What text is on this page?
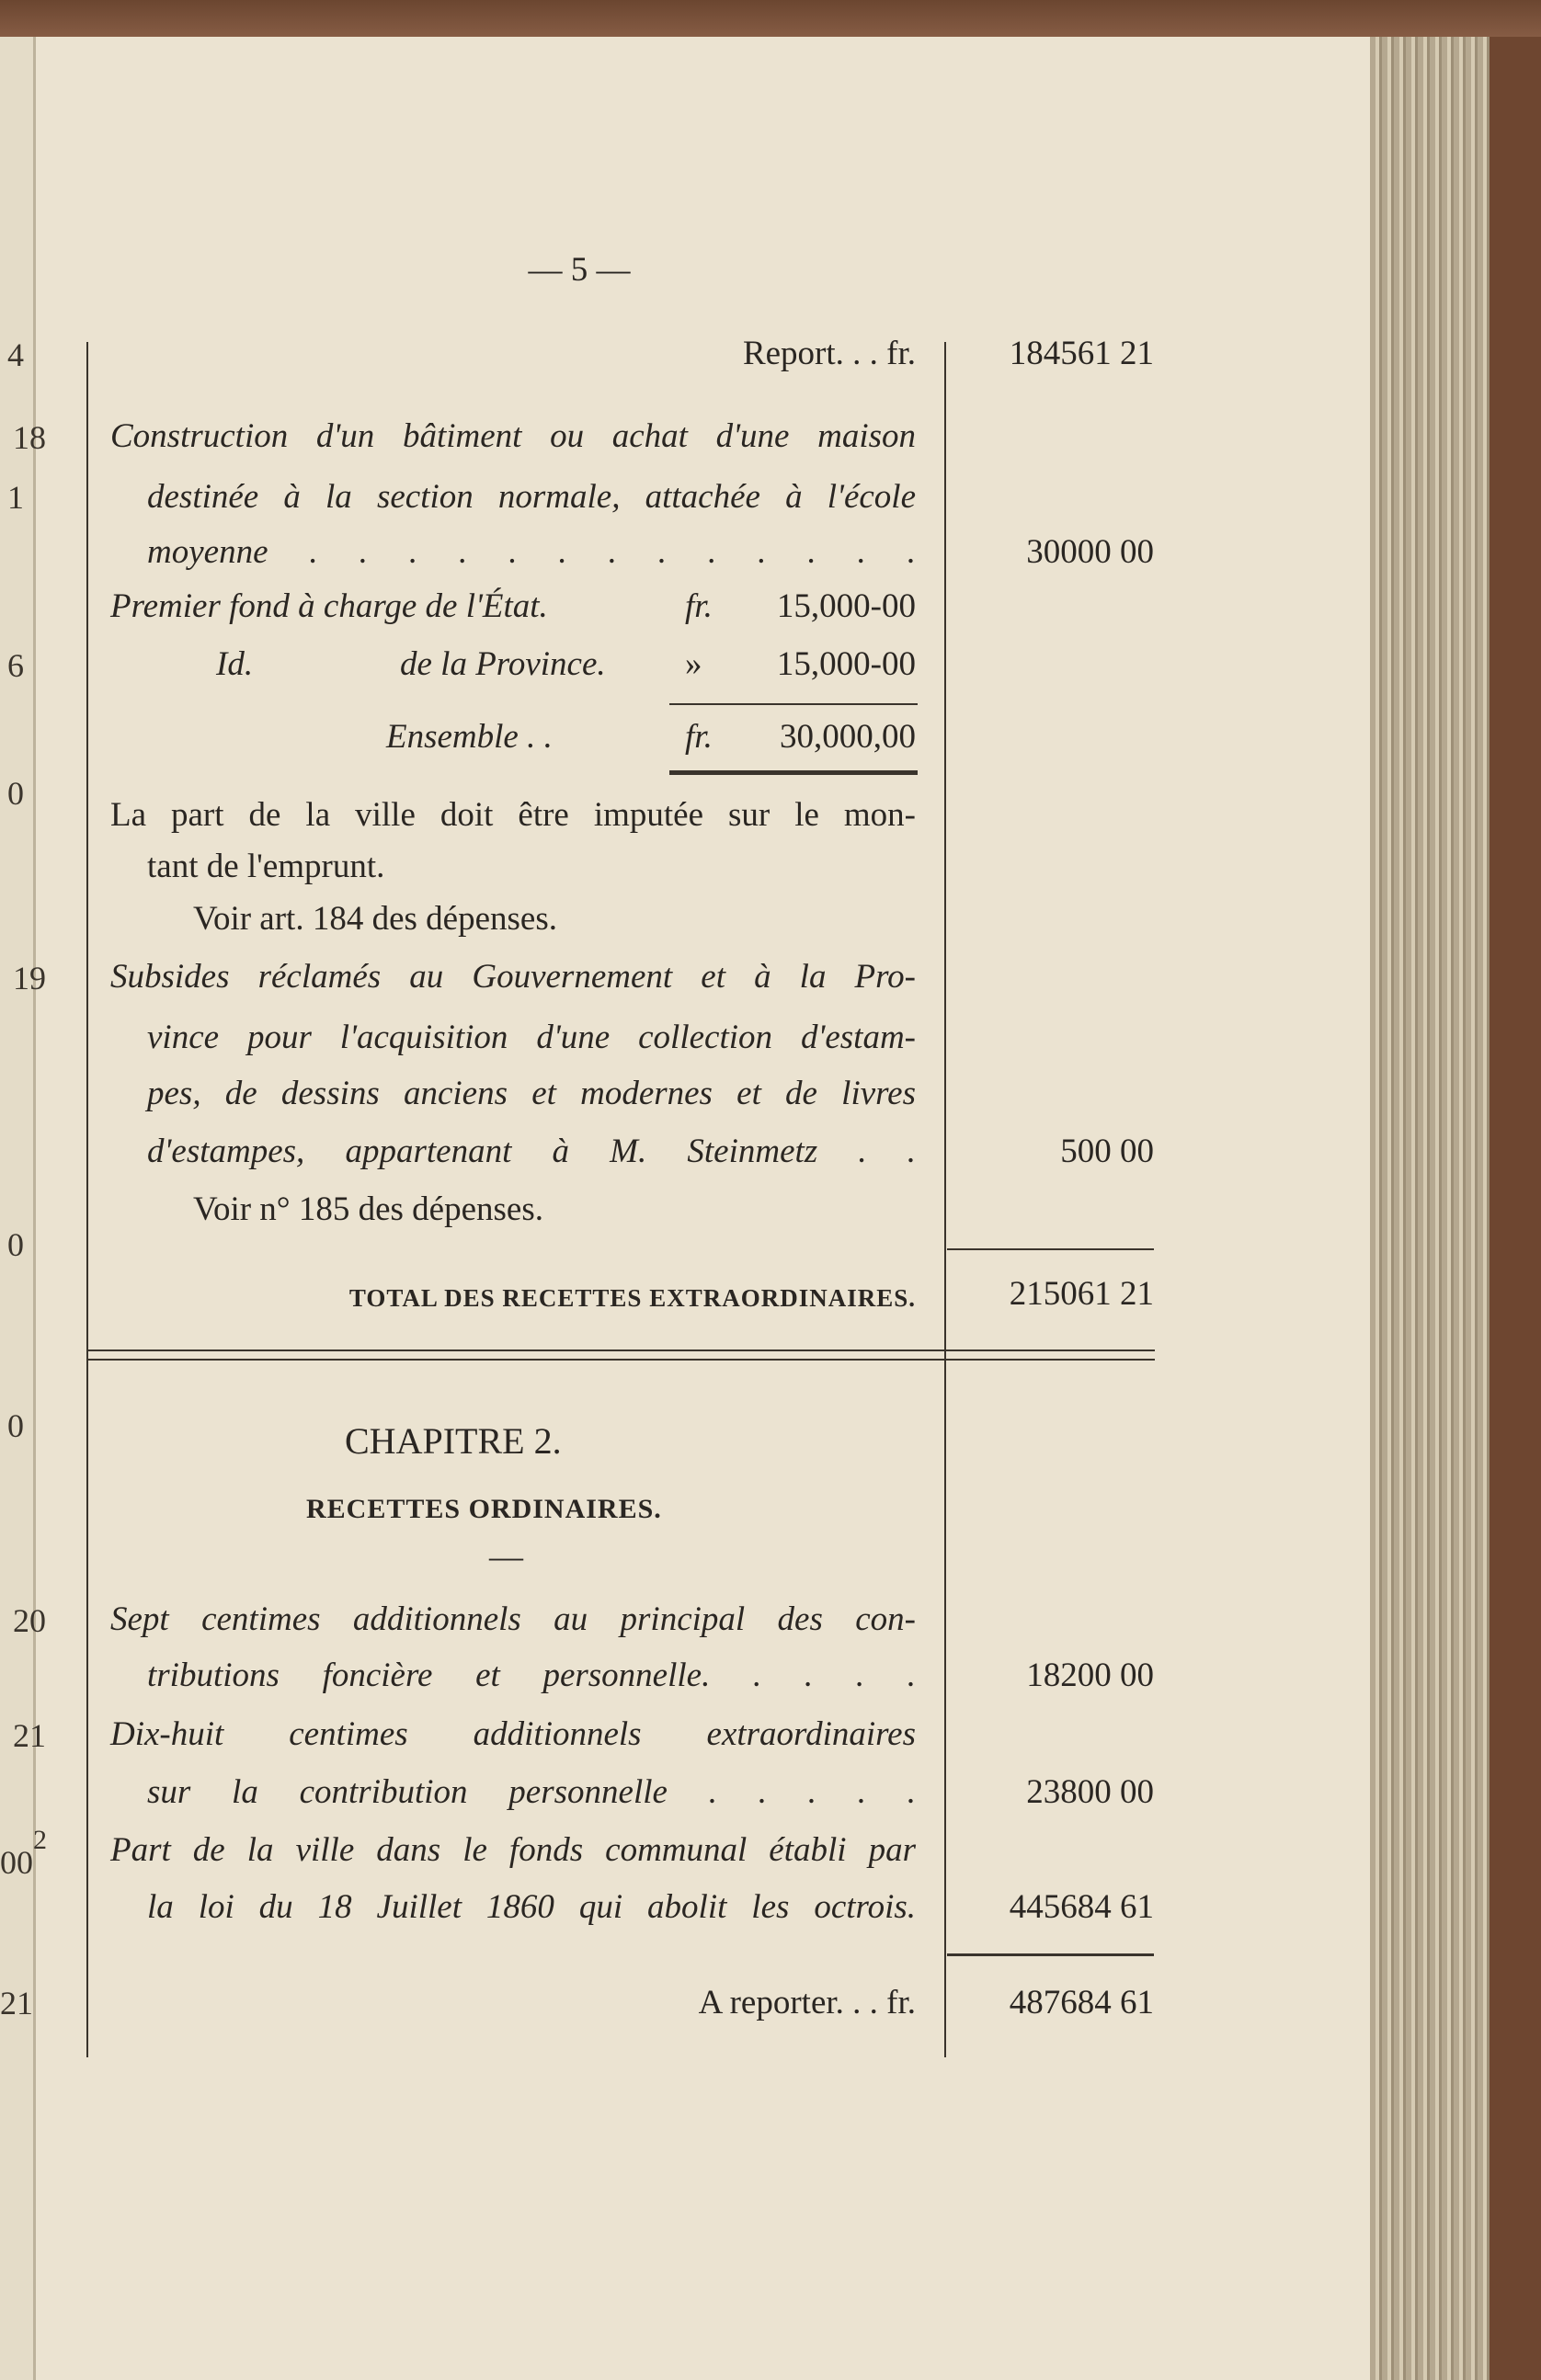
4
18
1
6
0
19
0
0
20
21
2
00
21
— 5 —
Report. . . fr.	184561 21
Construction d'un bâtiment ou achat d'une maison
destinée à la section normale, attachée à l'école
moyenne . . . . . . . . . . . . .	30000 00
Premier fond à charge de l'État.	fr.	15,000-00
Id.	de la Province. »	15,000-00
Ensemble . .	fr.	30,000,00
La part de la ville doit être imputée sur le mon-
tant de l'emprunt.
Voir art. 184 des dépenses.
Subsides réclamés au Gouvernement et à la Pro-
vince pour l'acquisition d'une collection d'estam-
pes, de dessins anciens et modernes et de livres
d'estampes, appartenant à M. Steinmetz . .	500 00
Voir n° 185 des dépenses.
TOTAL DES RECETTES EXTRAORDINAIRES.	215061 21
CHAPITRE 2.
RECETTES ORDINAIRES.
—
Sept centimes additionnels au principal des con-
tributions foncière et personnelle. . . . .	18200 00
Dix-huit centimes additionnels extraordinaires
sur la contribution personnelle . . . . .	23800 00
Part de la ville dans le fonds communal établi par
la loi du 18 Juillet 1860 qui abolit les octrois.	445684 61
A reporter. . . fr.	487684 61
